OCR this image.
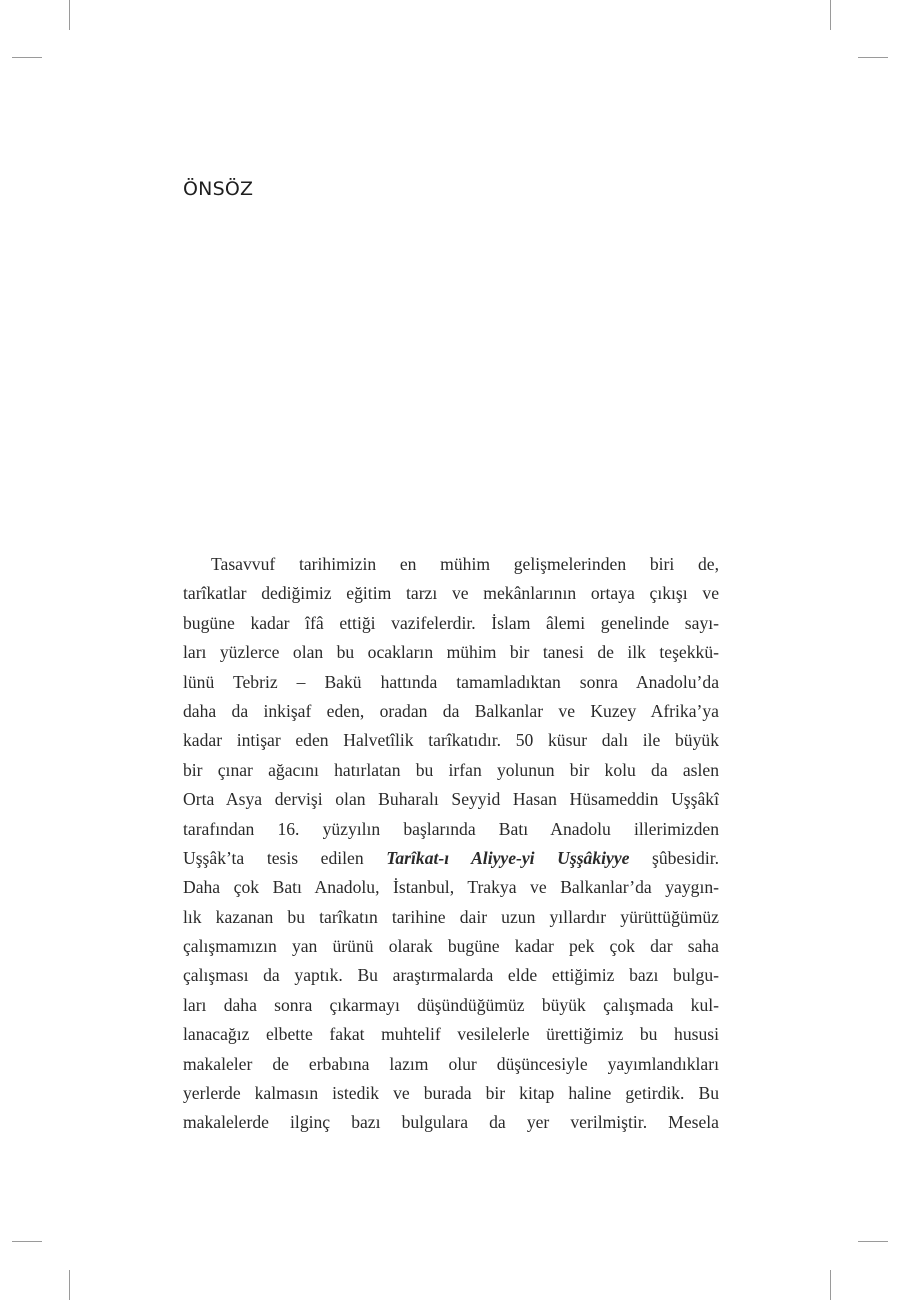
ÖNSÖZ
Tasavvuf tarihimizin en mühim gelişmelerinden biri de,
tarîkatlar dediğimiz eğitim tarzı ve mekânlarının ortaya çıkışı ve
bugüne kadar îfâ ettiği vazifelerdir. İslam âlemi genelinde sayı-
ları yüzlerce olan bu ocakların mühim bir tanesi de ilk teşekkü-
lünü Tebriz – Bakü hattında tamamladıktan sonra Anadolu’da
daha da inkişaf eden, oradan da Balkanlar ve Kuzey Afrika’ya
kadar intişar eden Halvetîlik tarîkatıdır. 50 küsur dalı ile büyük
bir çınar ağacını hatırlatan bu irfan yolunun bir kolu da aslen
Orta Asya dervişi olan Buharalı Seyyid Hasan Hüsameddin Uşşâkî
tarafından 16. yüzyılın başlarında Batı Anadolu illerimizden
Uşşâk’ta tesis edilen Tarîkat-ı Aliyye-yi Uşşâkiyye şûbesidir.
Daha çok Batı Anadolu, İstanbul, Trakya ve Balkanlar’da yaygın-
lık kazanan bu tarîkatın tarihine dair uzun yıllardır yürüttüğümüz
çalışmamızın yan ürünü olarak bugüne kadar pek çok dar saha
çalışması da yaptık. Bu araştırmalarda elde ettiğimiz bazı bulgu-
ları daha sonra çıkarmayı düşündüğümüz büyük çalışmada kul-
lanacağız elbette fakat muhtelif vesilelerle ürettiğimiz bu hususi
makaleler de erbabına lazım olur düşüncesiyle yayımlandıkları
yerlerde kalmasın istedik ve burada bir kitap haline getirdik. Bu
makalelerde ilginç bazı bulgulara da yer verilmiştir. Mesela
